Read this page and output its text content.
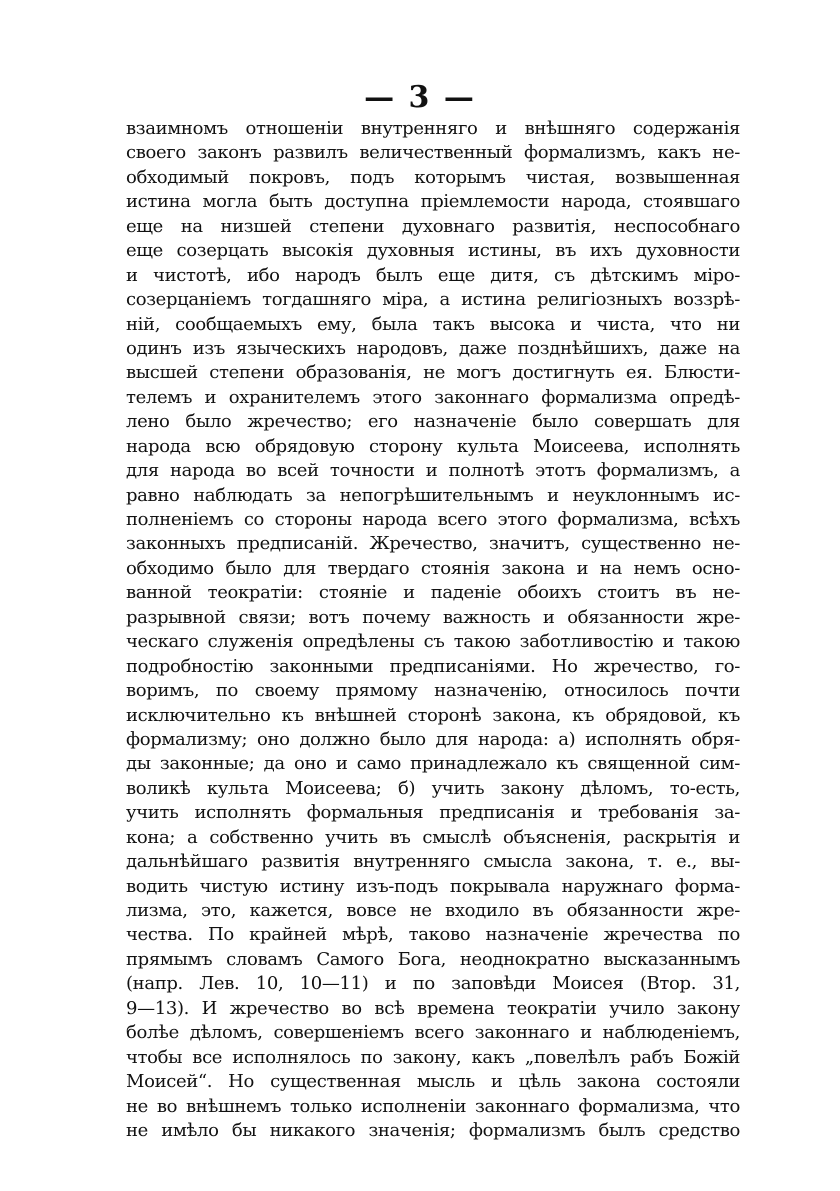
— 3 —
взаимномъ отношеніи внутренняго и внѣшняго содержанія
своего законъ развилъ величественный формализмъ, какъ не-
обходимый покровъ, подъ которымъ чистая, возвышенная
истина могла быть доступна пріемлемости народа, стоявшаго
еще на низшей степени духовнаго развитія, неспособнаго
еще созерцать высокія духовныя истины, въ ихъ духовности
и чистотѣ, ибо народъ былъ еще дитя, съ дѣтскимъ міро-
созерцаніемъ тогдашняго міра, а истина религіозныхъ воззрѣ-
ній, сообщаемыхъ ему, была такъ высока и чиста, что ни
одинъ изъ языческихъ народовъ, даже позднѣйшихъ, даже на
высшей степени образованія, не могъ достигнуть ея. Блюсти-
телемъ и охранителемъ этого законнаго формализма опредѣ-
лено было жречество; его назначеніе было совершать для
народа всю обрядовую сторону культа Моисеева, исполнять
для народа во всей точности и полнотѣ этотъ формализмъ, а
равно наблюдать за непогрѣшительнымъ и неуклоннымъ ис-
полненіемъ со стороны народа всего этого формализма, всѣхъ
законныхъ предписаній. Жречество, значитъ, существенно не-
обходимо было для твердаго стоянія закона и на немъ осно-
ванной теократіи: стояніе и паденіе обоихъ стоитъ въ не-
разрывной связи; вотъ почему важность и обязанности жре-
ческаго служенія опредѣлены съ такою заботливостію и такою
подробностію законными предписаніями. Но жречество, го-
воримъ, по своему прямому назначенію, относилось почти
исключительно къ внѣшней сторонѣ закона, къ обрядовой, къ
формализму; оно должно было для народа: а) исполнять обря-
ды законные; да оно и само принадлежало къ священной сим-
воликѣ культа Моисеева; б) учить закону дѣломъ, то-есть,
учить исполнять формальныя предписанія и требованія за-
кона; а собственно учить въ смыслѣ объясненія, раскрытія и
дальнѣйшаго развитія внутренняго смысла закона, т. е., вы-
водить чистую истину изъ-подъ покрывала наружнаго форма-
лизма, это, кажется, вовсе не входило въ обязанности жре-
чества. По крайней мѣрѣ, таково назначеніе жречества по
прямымъ словамъ Самого Бога, неоднократно высказаннымъ
(напр. Лев. 10, 10—11) и по заповѣди Моисея (Втор. 31,
9—13). И жречество во всѣ времена теократіи учило закону
болѣе дѣломъ, совершеніемъ всего законнаго и наблюденіемъ,
чтобы все исполнялось по закону, какъ „повелѣлъ рабъ Божій
Моисей“. Но существенная мысль и цѣль закона состояли
не во внѣшнемъ только исполненіи законнаго формализма, что
не имѣло бы никакого значенія; формализмъ былъ средство
